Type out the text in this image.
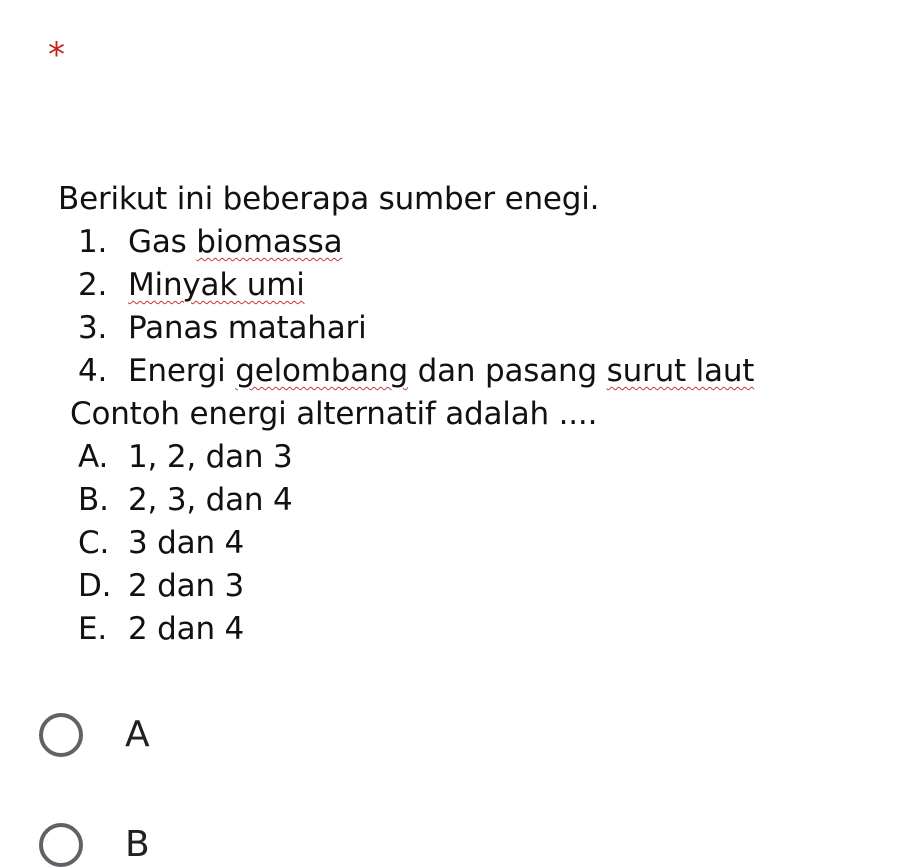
*
Berikut ini beberapa sumber enegi.
1. Gas biomassa
2. Minyak umi
3. Panas matahari
4. Energi gelombang dan pasang surut laut
Contoh energi alternatif adalah ....
A. 1, 2, dan 3
B. 2, 3, dan 4
C. 3 dan 4
D. 2 dan 3
E. 2 dan 4
A
B
